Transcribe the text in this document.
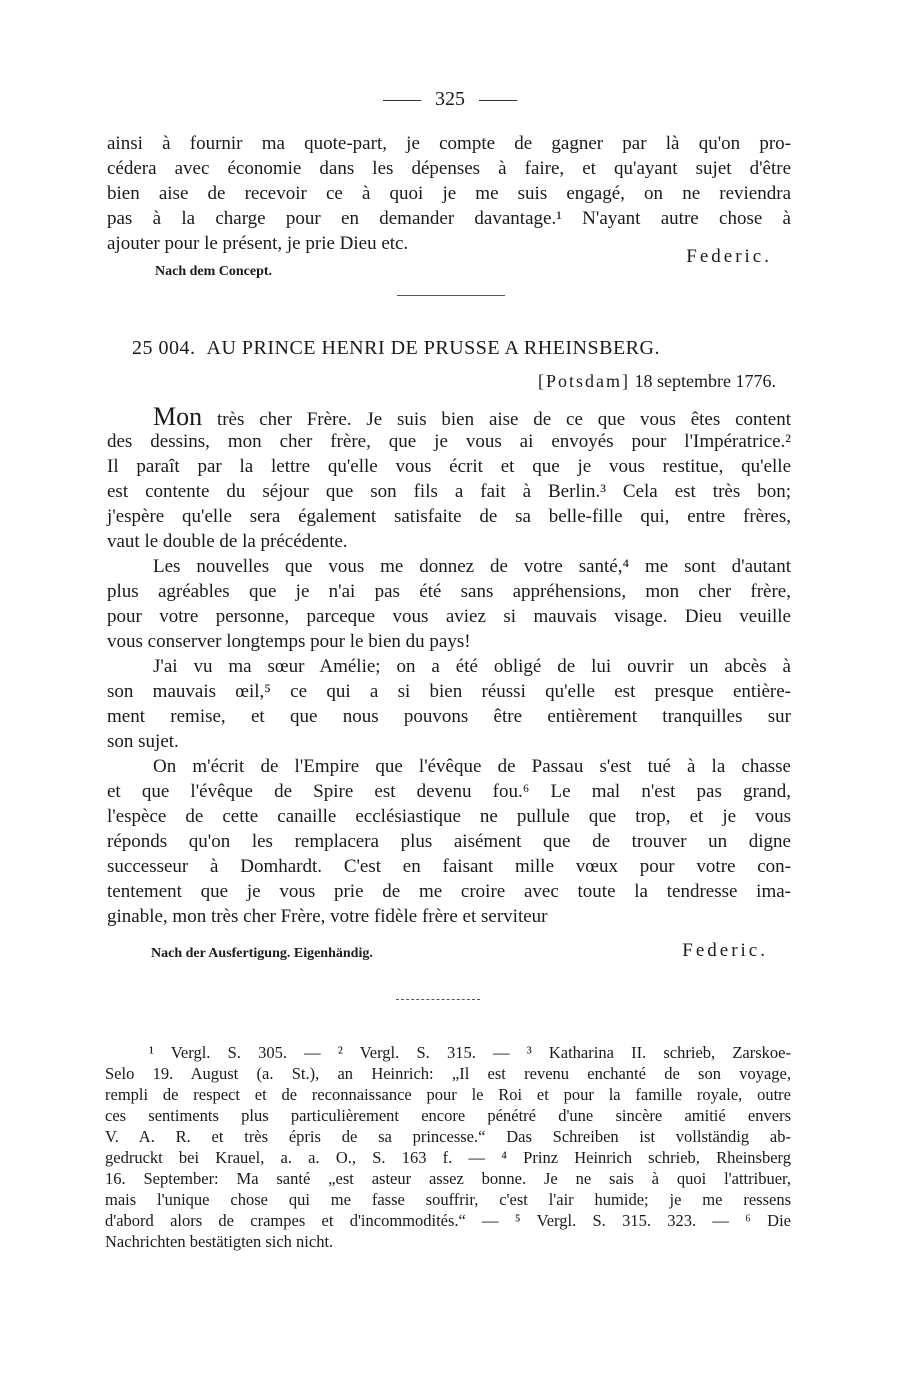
325
ainsi à fournir ma quote-part, je compte de gagner par là qu'on pro-
cédera avec économie dans les dépenses à faire, et qu'ayant sujet d'être
bien aise de recevoir ce à quoi je me suis engagé, on ne reviendra
pas à la charge pour en demander davantage.¹ N'ayant autre chose à
ajouter pour le présent, je prie Dieu etc.
Federic.
Nach dem Concept.
25 004. AU PRINCE HENRI DE PRUSSE A RHEINSBERG.
[Potsdam] 18 septembre 1776.
Mon très cher Frère. Je suis bien aise de ce que vous êtes content
des dessins, mon cher frère, que je vous ai envoyés pour l'Impératrice.²
Il paraît par la lettre qu'elle vous écrit et que je vous restitue, qu'elle
est contente du séjour que son fils a fait à Berlin.³ Cela est très bon;
j'espère qu'elle sera également satisfaite de sa belle-fille qui, entre frères,
vaut le double de la précédente.
Les nouvelles que vous me donnez de votre santé,⁴ me sont d'autant
plus agréables que je n'ai pas été sans appréhensions, mon cher frère,
pour votre personne, parceque vous aviez si mauvais visage. Dieu veuille
vous conserver longtemps pour le bien du pays!
J'ai vu ma sœur Amélie; on a été obligé de lui ouvrir un abcès à
son mauvais œil,⁵ ce qui a si bien réussi qu'elle est presque entière-
ment remise, et que nous pouvons être entièrement tranquilles sur
son sujet.
On m'écrit de l'Empire que l'évêque de Passau s'est tué à la chasse
et que l'évêque de Spire est devenu fou.⁶ Le mal n'est pas grand,
l'espèce de cette canaille ecclésiastique ne pullule que trop, et je vous
réponds qu'on les remplacera plus aisément que de trouver un digne
successeur à Domhardt. C'est en faisant mille vœux pour votre con-
tentement que je vous prie de me croire avec toute la tendresse ima-
ginable, mon très cher Frère, votre fidèle frère et serviteur
Nach der Ausfertigung. Eigenhändig.	Federic.
¹ Vergl. S. 305. — ² Vergl. S. 315. — ³ Katharina II. schrieb, Zarskoe-
Selo 19. August (a. St.), an Heinrich: „Il est revenu enchanté de son voyage,
rempli de respect et de reconnaissance pour le Roi et pour la famille royale, outre
ces sentiments plus particulièrement encore pénétré d'une sincère amitié envers
V. A. R. et très épris de sa princesse.“ Das Schreiben ist vollständig ab-
gedruckt bei Krauel, a. a. O., S. 163 f. — ⁴ Prinz Heinrich schrieb, Rheinsberg
16. September: Ma santé „est asteur assez bonne. Je ne sais à quoi l'attribuer,
mais l'unique chose qui me fasse souffrir, c'est l'air humide; je me ressens
d'abord alors de crampes et d'incommodités.“ — ⁵ Vergl. S. 315. 323. — ⁶ Die
Nachrichten bestätigten sich nicht.
